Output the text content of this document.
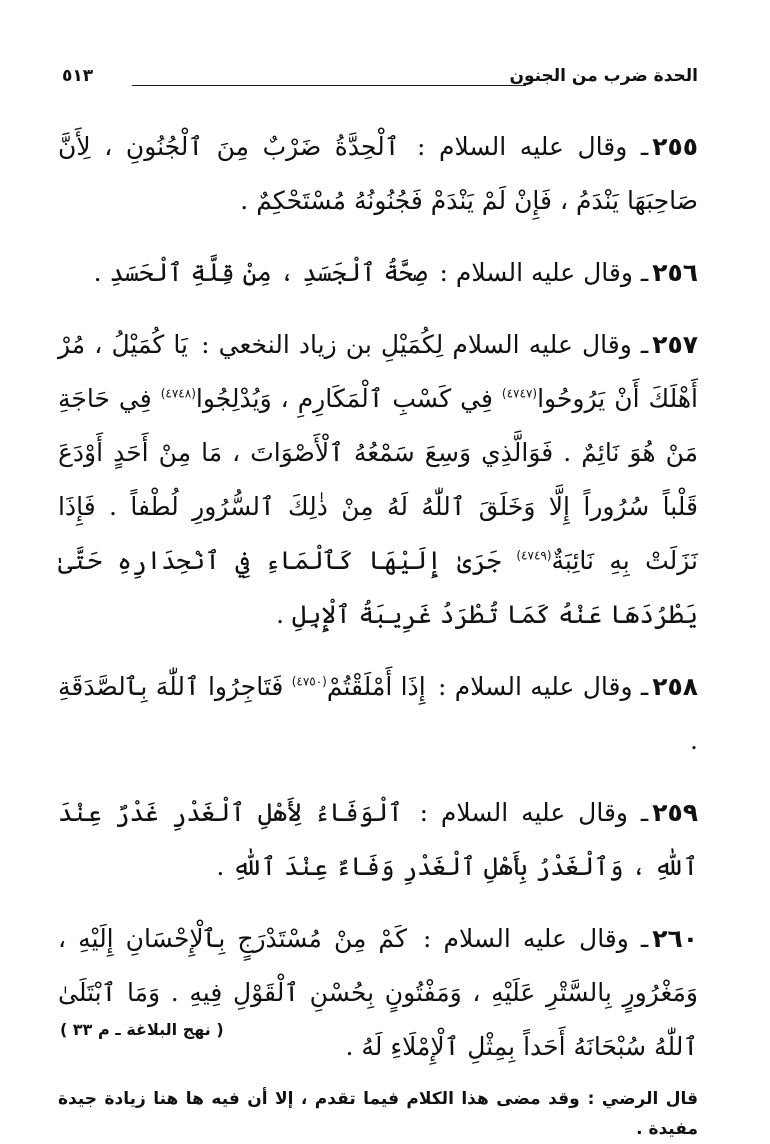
الحدة ضرب من الجنون
٥١٣

٢٥٥ـ وقال عليه السلام : ٱلْحِدَّةُ ضَرْبٌ مِنَ ٱلْجُنُونِ ، لِأَنَّ صَاحِبَهَا يَنْدَمُ ، فَإِنْ لَمْ يَنْدَمْ فَجُنُونُهُ مُسْتَحْكِمٌ .

٢٥٦ـ وقال عليه السلام : صِحَّةُ ٱلْجَسَدِ ، مِنْ قِلَّةِ ٱلْحَسَدِ .

٢٥٧ـ وقال عليه السلام لِكُمَيْلِ بن زياد النخعي : يَا كُمَيْلُ ، مُرْ أَهْلَكَ أَنْ يَرُوحُوا$^{(٤٧٤٧)}$ فِي كَسْبِ ٱلْمَكَارِمِ ، وَيُدْلِجُوا$^{(٤٧٤٨)}$ فِي حَاجَةِ مَنْ هُوَ نَائِمٌ . فَوَالَّذِي وَسِعَ سَمْعُهُ ٱلْأَصْوَاتَ ، مَا مِنْ أَحَدٍ أَوْدَعَ قَلْباً سُرُوراً إِلَّا وَخَلَقَ ٱللّٰهُ لَهُ مِنْ ذٰلِكَ ٱلسُّرُورِ لُطْفاً . فَإِذَا نَزَلَتْ بِهِ نَائِبَةٌ$^{(٤٧٤٩)}$ جَرَىٰ إِلَيْهَا كَٱلْمَاءِ فِي ٱنْحِدَارِهِ حَتَّىٰ يَطْرُدَهَا عَنْهُ كَمَا تُطْرَدُ غَرِيبَةُ ٱلْإِبِلِ .

٢٥٨ـ وقال عليه السلام : إِذَا أَمْلَقْتُمْ$^{(٤٧٥٠)}$ فَتَاجِرُوا ٱللّٰهَ بِٱلصَّدَقَةِ .

٢٥٩ـ وقال عليه السلام : ٱلْوَفَاءُ لِأَهْلِ ٱلْغَدْرِ غَدْرٌ عِنْدَ ٱللّٰهِ ، وَٱلْغَدْرُ بِأَهْلِ ٱلْغَدْرِ وَفَاءٌ عِنْدَ ٱللّٰهِ .

٢٦٠ـ وقال عليه السلام : كَمْ مِنْ مُسْتَدْرَجٍ بِٱلْإِحْسَانِ إِلَيْهِ ، وَمَغْرُورٍ بِالسَّتْرِ عَلَيْهِ ، وَمَفْتُونٍ بِحُسْنِ ٱلْقَوْلِ فِيهِ . وَمَا ٱبْتَلَىٰ ٱللّٰهُ سُبْحَانَهُ أَحَداً بِمِثْلِ ٱلْإِمْلَاءِ لَهُ .

قال الرضي :وقد مضى هذا الكلام فيما تقدم ، إلا أن فيه ها هنا زيادة جيدة مفيدة .

( نهج البلاغة ـ م ٣٣ )
